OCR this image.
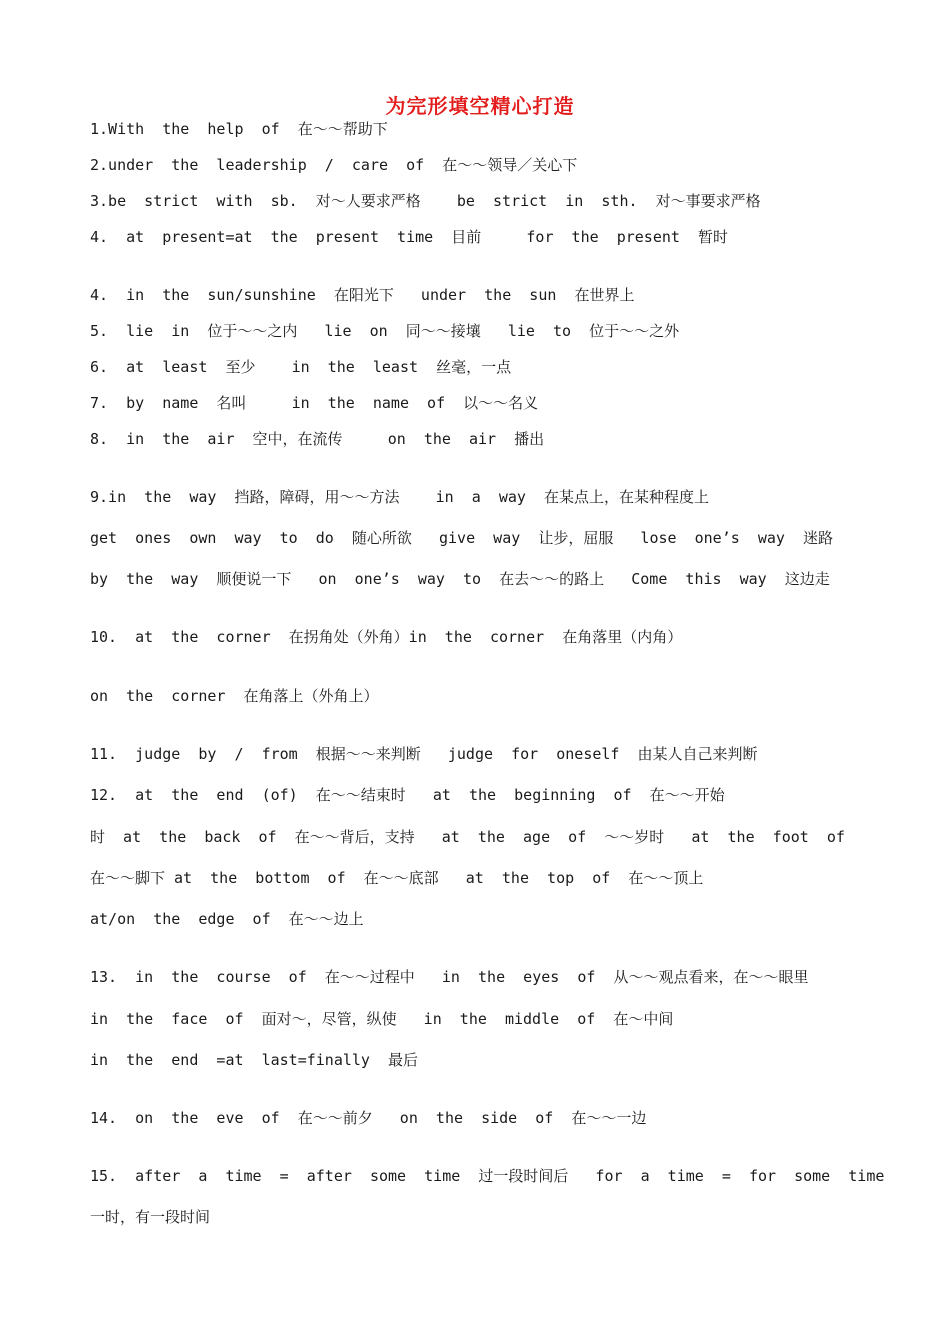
为完形填空精心打造
1.With  the  help  of  在～～帮助下
2.under  the  leadership  /  care  of  在～～领导／关心下
3.be  strict  with  sb.  对～人要求严格    be  strict  in  sth.  对～事要求严格
4.  at  present=at  the  present  time  目前     for  the  present  暂时
4.  in  the  sun/sunshine  在阳光下   under  the  sun  在世界上
5.  lie  in  位于～～之内   lie  on  同～～接壤   lie  to  位于～～之外
6.  at  least  至少    in  the  least  丝毫，一点
7.  by  name  名叫     in  the  name  of  以～～名义
8.  in  the  air  空中，在流传     on  the  air  播出
9.in  the  way  挡路，障碍，用～～方法    in  a  way  在某点上，在某种程度上
get  ones  own  way  to  do  随心所欲   give  way  让步，屈服   lose  one’s  way  迷路
by  the  way  顺便说一下   on  one’s  way  to  在去～～的路上   Come  this  way  这边走
10.  at  the  corner  在拐角处（外角）in  the  corner  在角落里（内角）
on  the  corner  在角落上（外角上）
11.  judge  by  /  from  根据～～来判断   judge  for  oneself  由某人自己来判断
12.  at  the  end  (of)  在～～结束时   at  the  beginning  of  在～～开始
时  at  the  back  of  在～～背后，支持   at  the  age  of  ～～岁时   at  the  foot  of
在～～脚下 at  the  bottom  of  在～～底部   at  the  top  of  在～～顶上
at/on  the  edge  of  在～～边上
13.  in  the  course  of  在～～过程中   in  the  eyes  of  从～～观点看来，在～～眼里
in  the  face  of  面对～，尽管，纵使   in  the  middle  of  在～中间
in  the  end  =at  last=finally  最后
14.  on  the  eve  of  在～～前夕   on  the  side  of  在～～一边
15.  after  a  time  =  after  some  time  过一段时间后   for  a  time  =  for  some  time
一时，有一段时间
